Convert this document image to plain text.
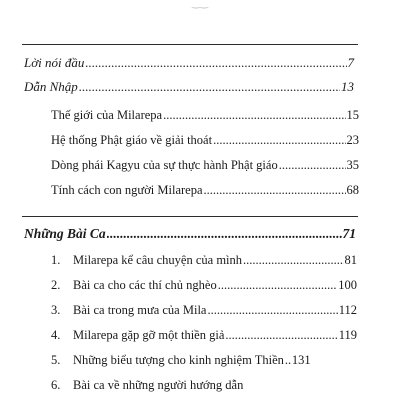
‿‿
Lời nói đầu .....	7
Dẫn Nhập .....	13
Thế giới của Milarepa .....	15
Hệ thống Phật giáo về giải thoát .....	23
Dòng phái Kagyu của sự thực hành Phật giáo .....	35
Tính cách con người Milarepa .....	68
Những Bài Ca .....	71
1.	Milarepa kể câu chuyện của mình .....	81
2.	Bài ca cho các thí chủ nghèo .....	100
3.	Bài ca trong mưa của Mila .....	112
4.	Milarepa gặp gỡ một thiền giả .....	119
5.	Những biểu tượng cho kinh nghiệm Thiền ..... 131
6.	Bài ca về những người hướng dẫn
